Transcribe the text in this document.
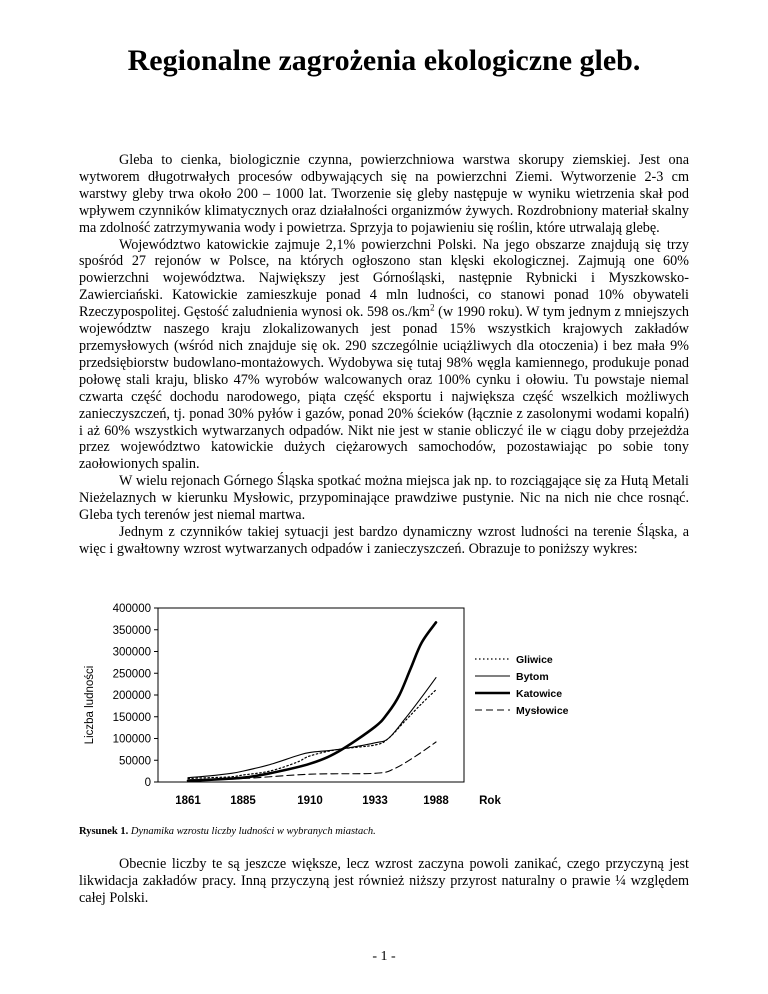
Regionalne zagrożenia ekologiczne gleb.

Gleba to cienka, biologicznie czynna, powierzchniowa warstwa skorupy ziemskiej. Jest ona wytworem długotrwałych procesów odbywających się na powierzchni Ziemi. Wytworzenie 2-3 cm warstwy gleby trwa około 200 – 1000 lat. Tworzenie się gleby następuje w wyniku wietrzenia skał pod wpływem czynników klimatycznych oraz działalności organizmów żywych. Rozdrobniony materiał skalny ma zdolność zatrzymywania wody i powietrza. Sprzyja to pojawieniu się roślin, które utrwalają glebę.

Województwo katowickie zajmuje 2,1% powierzchni Polski. Na jego obszarze znajdują się trzy spośród 27 rejonów w Polsce, na których ogłoszono stan klęski ekologicznej. Zajmują one 60% powierzchni województwa. Największy jest Górnośląski, następnie Rybnicki i Myszkowsko-Zawierciański. Katowickie zamieszkuje ponad 4 mln ludności, co stanowi ponad 10% obywateli Rzeczypospolitej. Gęstość zaludnienia wynosi ok. 598 $os./km^2$ (w 1990 roku). W tym jednym z mniejszych województw naszego kraju zlokalizowanych jest ponad 15% wszystkich krajowych zakładów przemysłowych (wśród nich znajduje się ok. 290 szczególnie uciążliwych dla otoczenia) i bez mała 9% przedsiębiorstw budowlano-montażowych. Wydobywa się tutaj 98% węgla kamiennego, produkuje ponad połowę stali kraju, blisko 47% wyrobów walcowanych oraz 100% cynku i ołowiu. Tu powstaje niemal czwarta część dochodu narodowego, piąta część eksportu i największa część wszelkich możliwych zanieczyszczeń, tj. ponad 30% pyłów i gazów, ponad 20% ścieków (łącznie z zasolonymi wodami kopalń) i aż 60% wszystkich wytwarzanych odpadów. Nikt nie jest w stanie obliczyć ile w ciągu doby przejeżdża przez województwo katowickie dużych ciężarowych samochodów, pozostawiając po sobie tony zaołowionych spalin.

W wielu rejonach Górnego Śląska spotkać można miejsca jak np. to rozciągające się za Hutą Metali Nieżelaznych w kierunku Mysłowic, przypominające prawdziwe pustynie. Nic na nich nie chce rosnąć. Gleba tych terenów jest niemal martwa.

Jednym z czynników takiej sytuacji jest bardzo dynamiczny wzrost ludności na terenie Śląska, a więc i gwałtowny wzrost wytwarzanych odpadów i zanieczyszczeń. Obrazuje to poniższy wykres:

400000
350000
300000
250000
200000
150000
100000
50000
0
1861	1885	1910	1933	1988	Rok
Liczba ludności
Gliwice
Bytom
Katowice
Mysłowice
Rysunek 1. Dynamika wzrostu liczby ludności w wybranych miastach.

Obecnie liczby te są jeszcze większe, lecz wzrost zaczyna powoli zanikać, czego przyczyną jest likwidacja zakładów pracy. Inną przyczyną jest również niższy przyrost naturalny o prawie ¼ względem całej Polski.

- 1 -
